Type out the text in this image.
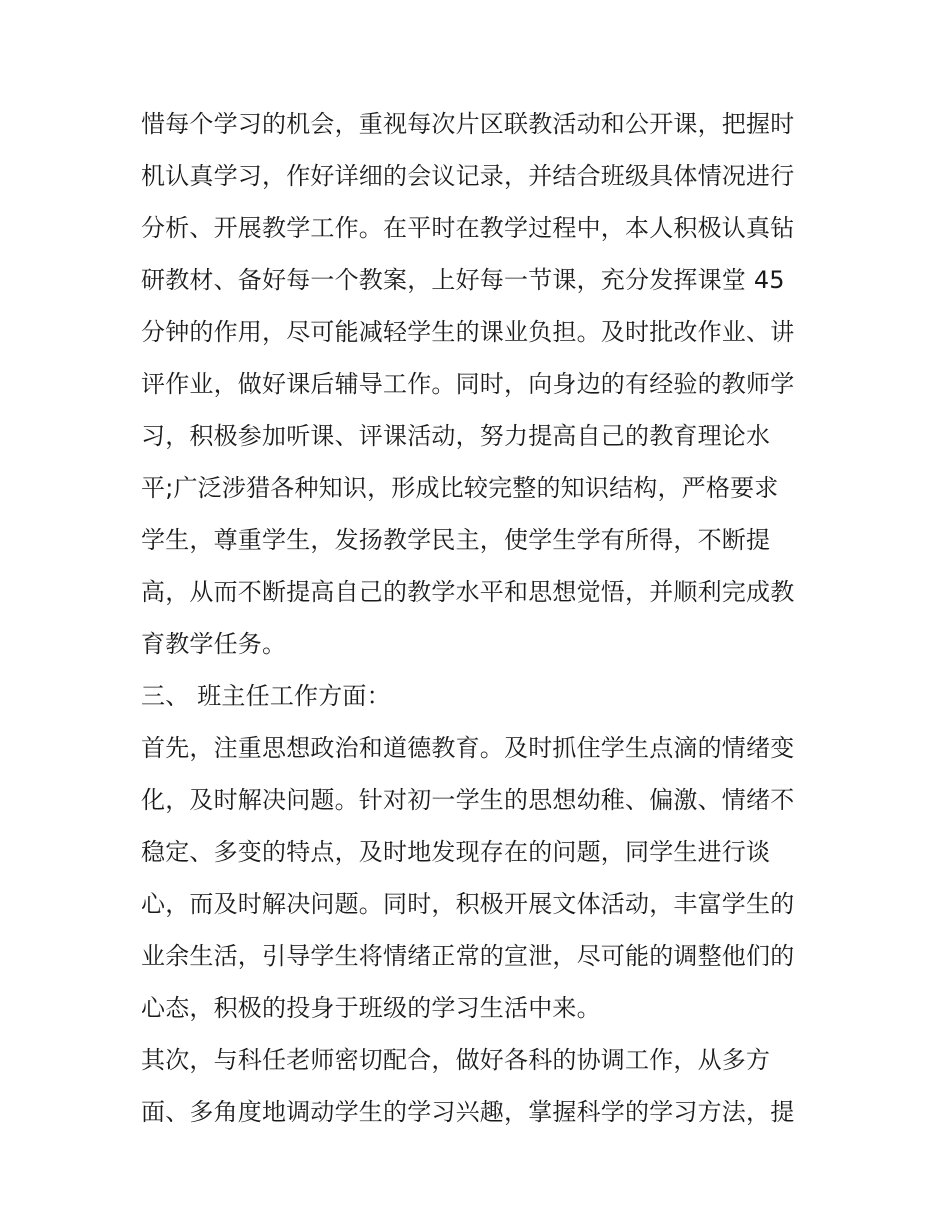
惜每个学习的机会，重视每次片区联教活动和公开课，把握时
机认真学习，作好详细的会议记录，并结合班级具体情况进行
分析、开展教学工作。在平时在教学过程中，本人积极认真钻
研教材、备好每一个教案，上好每一节课，充分发挥课堂 45
分钟的作用，尽可能减轻学生的课业负担。及时批改作业、讲
评作业，做好课后辅导工作。同时，向身边的有经验的教师学
习，积极参加听课、评课活动，努力提高自己的教育理论水
平;广泛涉猎各种知识，形成比较完整的知识结构，严格要求
学生，尊重学生，发扬教学民主，使学生学有所得，不断提
高，从而不断提高自己的教学水平和思想觉悟，并顺利完成教
育教学任务。
三、 班主任工作方面：
首先，注重思想政治和道德教育。及时抓住学生点滴的情绪变
化，及时解决问题。针对初一学生的思想幼稚、偏激、情绪不
稳定、多变的特点，及时地发现存在的问题，同学生进行谈
心，而及时解决问题。同时，积极开展文体活动，丰富学生的
业余生活，引导学生将情绪正常的宣泄，尽可能的调整他们的
心态，积极的投身于班级的学习生活中来。
其次，与科任老师密切配合，做好各科的协调工作，从多方
面、多角度地调动学生的学习兴趣，掌握科学的学习方法，提
